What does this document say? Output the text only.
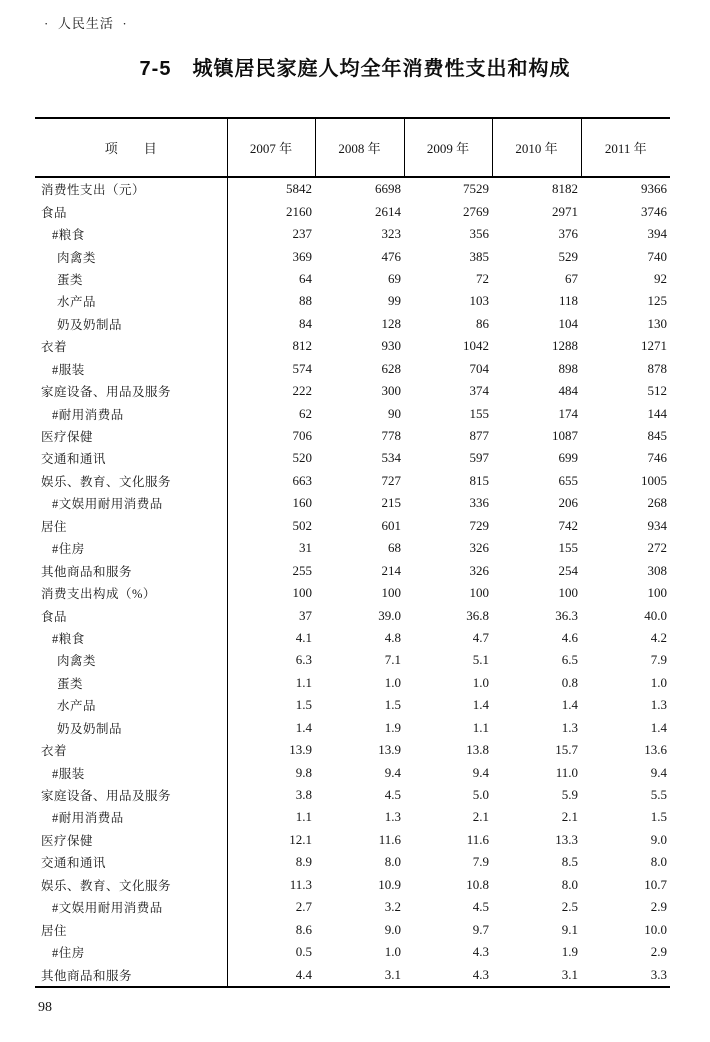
·  人民生活  ·
7-5　城镇居民家庭人均全年消费性支出和构成
项　　目	2007 年	2008 年	2009 年	2010 年	2011 年
消费性支出（元）	5842	6698	7529	8182	9366
食品	2160	2614	2769	2971	3746
#粮食	237	323	356	376	394
肉禽类	369	476	385	529	740
蛋类	64	69	72	67	92
水产品	88	99	103	118	125
奶及奶制品	84	128	86	104	130
衣着	812	930	1042	1288	1271
#服装	574	628	704	898	878
家庭设备、用品及服务	222	300	374	484	512
#耐用消费品	62	90	155	174	144
医疗保健	706	778	877	1087	845
交通和通讯	520	534	597	699	746
娱乐、教育、文化服务	663	727	815	655	1005
#文娱用耐用消费品	160	215	336	206	268
居住	502	601	729	742	934
#住房	31	68	326	155	272
其他商品和服务	255	214	326	254	308
消费支出构成（%）	100	100	100	100	100
食品	37	39.0	36.8	36.3	40.0
#粮食	4.1	4.8	4.7	4.6	4.2
肉禽类	6.3	7.1	5.1	6.5	7.9
蛋类	1.1	1.0	1.0	0.8	1.0
水产品	1.5	1.5	1.4	1.4	1.3
奶及奶制品	1.4	1.9	1.1	1.3	1.4
衣着	13.9	13.9	13.8	15.7	13.6
#服装	9.8	9.4	9.4	11.0	9.4
家庭设备、用品及服务	3.8	4.5	5.0	5.9	5.5
#耐用消费品	1.1	1.3	2.1	2.1	1.5
医疗保健	12.1	11.6	11.6	13.3	9.0
交通和通讯	8.9	8.0	7.9	8.5	8.0
娱乐、教育、文化服务	11.3	10.9	10.8	8.0	10.7
#文娱用耐用消费品	2.7	3.2	4.5	2.5	2.9
居住	8.6	9.0	9.7	9.1	10.0
#住房	0.5	1.0	4.3	1.9	2.9
其他商品和服务	4.4	3.1	4.3	3.1	3.3
98
